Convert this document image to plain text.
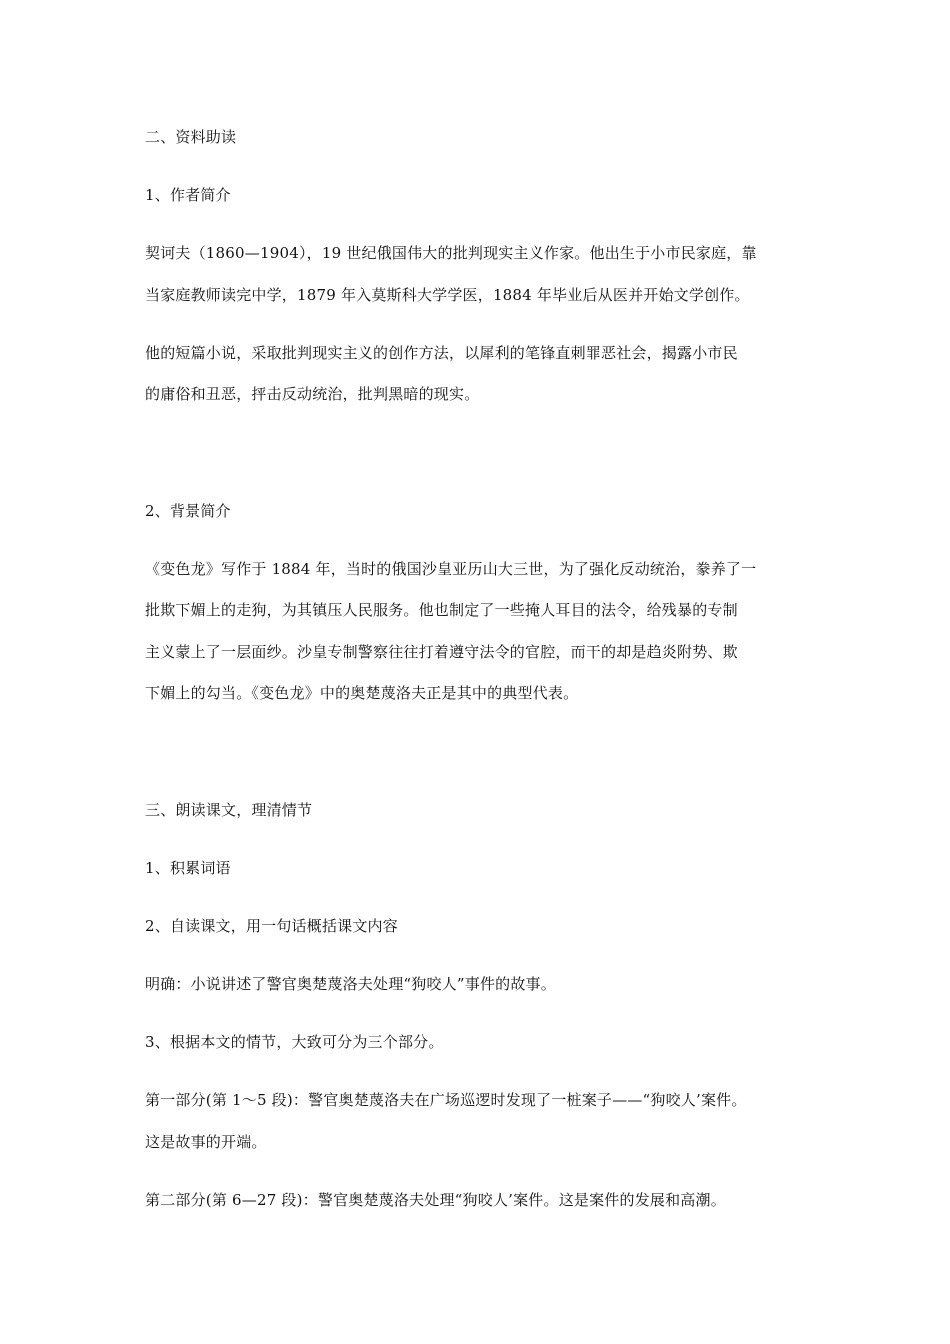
二、资料助读
1、作者简介
契诃夫（1860—1904），19 世纪俄国伟大的批判现实主义作家。他出生于小市民家庭，靠
当家庭教师读完中学，1879 年入莫斯科大学学医，1884 年毕业后从医并开始文学创作。
他的短篇小说，采取批判现实主义的创作方法，以犀利的笔锋直刺罪恶社会，揭露小市民
的庸俗和丑恶，抨击反动统治，批判黑暗的现实。
2、背景简介
《变色龙》写作于 1884 年，当时的俄国沙皇亚历山大三世，为了强化反动统治，豢养了一
批欺下媚上的走狗，为其镇压人民服务。他也制定了一些掩人耳目的法令，给残暴的专制
主义蒙上了一层面纱。沙皇专制警察往往打着遵守法令的官腔，而干的却是趋炎附势、欺
下媚上的勾当。《变色龙》中的奥楚蔑洛夫正是其中的典型代表。
三、朗读课文，理清情节
1、积累词语
2、自读课文，用一句话概括课文内容
明确：小说讲述了警官奥楚蔑洛夫处理“狗咬人”事件的故事。
3、根据本文的情节，大致可分为三个部分。
第一部分(第 1～5 段)：警官奥楚蔑洛夫在广场巡逻时发现了一桩案子——“狗咬人’案件。
这是故事的开端。
第二部分(第 6—27 段)：警官奥楚蔑洛夫处理“狗咬人’案件。这是案件的发展和高潮。
